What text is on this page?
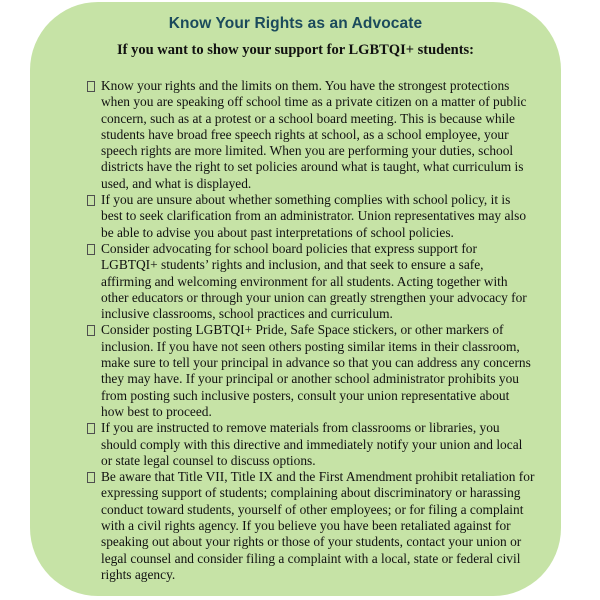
Know Your Rights as an Advocate
If you want to show your support for LGBTQI+ students:
Know your rights and the limits on them. You have the strongest protections when you are speaking off school time as a private citizen on a matter of public concern, such as at a protest or a school board meeting. This is because while students have broad free speech rights at school, as a school employee, your speech rights are more limited. When you are performing your duties, school districts have the right to set policies around what is taught, what curriculum is used, and what is displayed.
If you are unsure about whether something complies with school policy, it is best to seek clarification from an administrator. Union representatives may also be able to advise you about past interpretations of school policies.
Consider advocating for school board policies that express support for LGBTQI+ students’ rights and inclusion, and that seek to ensure a safe, affirming and welcoming environment for all students. Acting together with other educators or through your union can greatly strengthen your advocacy for inclusive classrooms, school practices and curriculum.
Consider posting LGBTQI+ Pride, Safe Space stickers, or other markers of inclusion. If you have not seen others posting similar items in their classroom, make sure to tell your principal in advance so that you can address any concerns they may have. If your principal or another school administrator prohibits you from posting such inclusive posters, consult your union representative about how best to proceed.
If you are instructed to remove materials from classrooms or libraries, you should comply with this directive and immediately notify your union and local or state legal counsel to discuss options.
Be aware that Title VII, Title IX and the First Amendment prohibit retaliation for expressing support of students; complaining about discriminatory or harassing conduct toward students, yourself of other employees; or for filing a complaint with a civil rights agency. If you believe you have been retaliated against for speaking out about your rights or those of your students, contact your union or legal counsel and consider filing a complaint with a local, state or federal civil rights agency.
